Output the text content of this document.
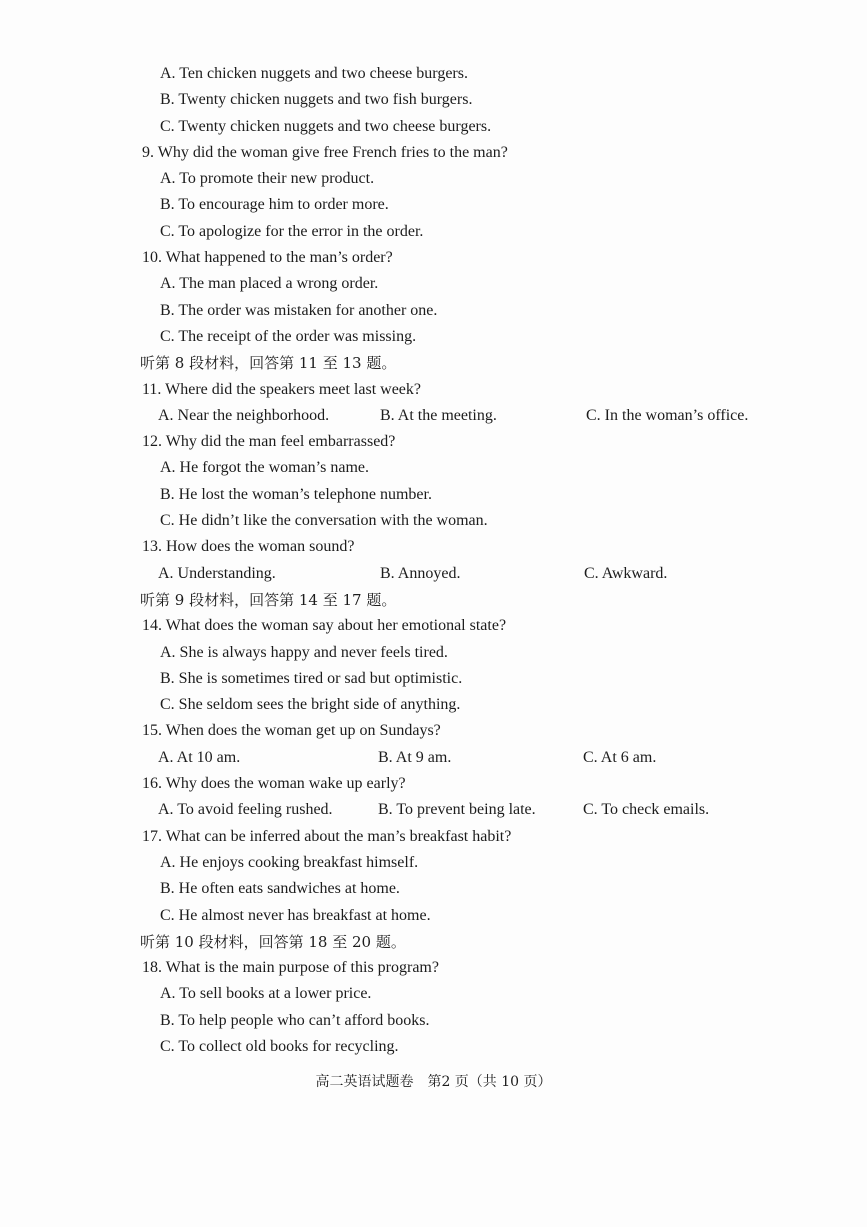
A. Ten chicken nuggets and two cheese burgers.
B. Twenty chicken nuggets and two fish burgers.
C. Twenty chicken nuggets and two cheese burgers.
9. Why did the woman give free French fries to the man?
A. To promote their new product.
B. To encourage him to order more.
C. To apologize for the error in the order.
10. What happened to the man’s order?
A. The man placed a wrong order.
B. The order was mistaken for another one.
C. The receipt of the order was missing.
听第 8 段材料，回答第 11 至 13 题。
11. Where did the speakers meet last week?
A. Near the neighborhood.	B. At the meeting.	C. In the woman’s office.
12. Why did the man feel embarrassed?
A. He forgot the woman’s name.
B. He lost the woman’s telephone number.
C. He didn’t like the conversation with the woman.
13. How does the woman sound?
A. Understanding.	B. Annoyed.	C. Awkward.
听第 9 段材料，回答第 14 至 17 题。
14. What does the woman say about her emotional state?
A. She is always happy and never feels tired.
B. She is sometimes tired or sad but optimistic.
C. She seldom sees the bright side of anything.
15. When does the woman get up on Sundays?
A. At 10 am.	B. At 9 am.	C. At 6 am.
16. Why does the woman wake up early?
A. To avoid feeling rushed.	B. To prevent being late.	C. To check emails.
17. What can be inferred about the man’s breakfast habit?
A. He enjoys cooking breakfast himself.
B. He often eats sandwiches at home.
C. He almost never has breakfast at home.
听第 10 段材料，回答第 18 至 20 题。
18. What is the main purpose of this program?
A. To sell books at a lower price.
B. To help people who can’t afford books.
C. To collect old books for recycling.
高二英语试题卷　第2 页（共 10 页）
